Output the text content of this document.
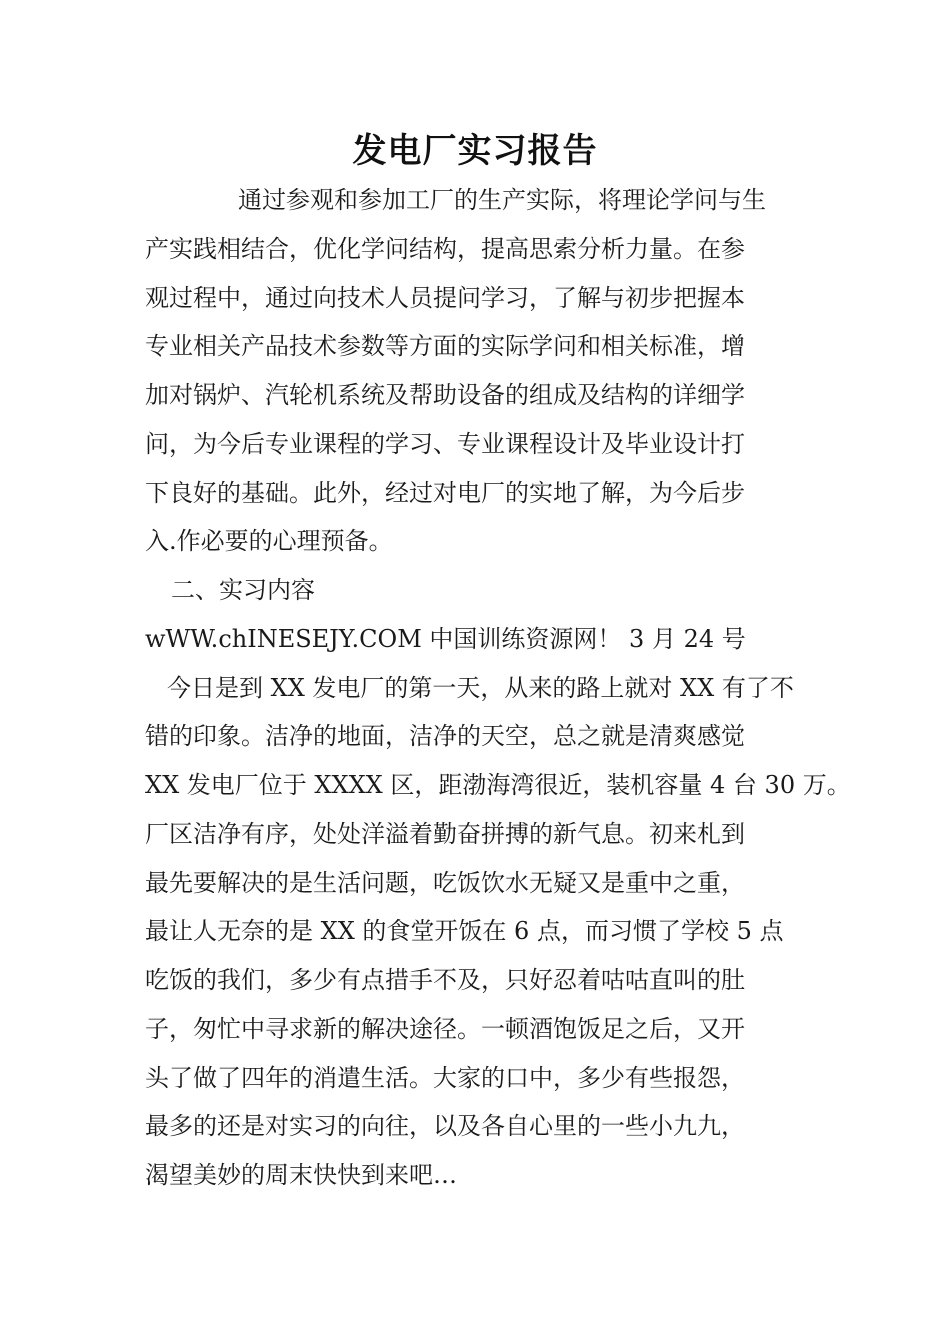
发电厂实习报告
通过参观和参加工厂的生产实际，将理论学问与生
产实践相结合，优化学问结构，提高思索分析力量。在参
观过程中，通过向技术人员提问学习，了解与初步把握本
专业相关产品技术参数等方面的实际学问和相关标准，增
加对锅炉、汽轮机系统及帮助设备的组成及结构的详细学
问，为今后专业课程的学习、专业课程设计及毕业设计打
下良好的基础。此外，经过对电厂的实地了解，为今后步
入.作必要的心理预备。
二、实习内容
wWW.chINESEJY.COM 中国训练资源网！ 3 月 24 号
今日是到 XX 发电厂的第一天，从来的路上就对 XX 有了不
错的印象。洁净的地面，洁净的天空，总之就是清爽感觉
XX 发电厂位于 XXXX 区，距渤海湾很近，装机容量 4 台 30 万。
厂区洁净有序，处处洋溢着勤奋拼搏的新气息。初来札到
最先要解决的是生活问题，吃饭饮水无疑又是重中之重，
最让人无奈的是 XX 的食堂开饭在 6 点，而习惯了学校 5 点
吃饭的我们，多少有点措手不及，只好忍着咕咕直叫的肚
子，匆忙中寻求新的解决途径。一顿酒饱饭足之后，又开
头了做了四年的消遣生活。大家的口中，多少有些报怨，
最多的还是对实习的向往，以及各自心里的一些小九九，
渴望美妙的周末快快到来吧…
